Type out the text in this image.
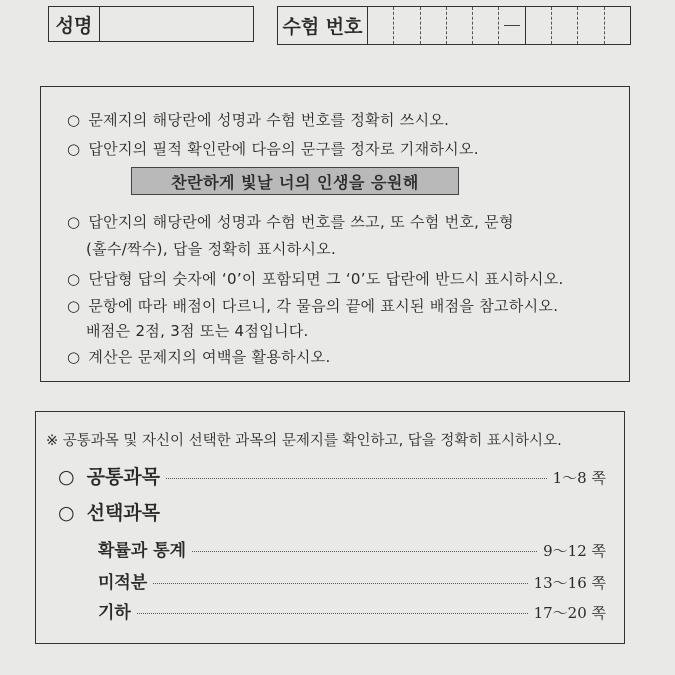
성명	수험 번호
○ 문제지의 해당란에 성명과 수험 번호를 정확히 쓰시오.
○ 답안지의 필적 확인란에 다음의 문구를 정자로 기재하시오.
찬란하게 빛날 너의 인생을 응원해
○ 답안지의 해당란에 성명과 수험 번호를 쓰고, 또 수험 번호, 문형
(홀수/짝수), 답을 정확히 표시하시오.
○ 단답형 답의 숫자에 ‘0’이 포함되면 그 ‘0’도 답란에 반드시 표시하시오.
○ 문항에 따라 배점이 다르니, 각 물음의 끝에 표시된 배점을 참고하시오.
배점은 2점, 3점 또는 4점입니다.
○ 계산은 문제지의 여백을 활용하시오.
※ 공통과목 및 자신이 선택한 과목의 문제지를 확인하고, 답을 정확히 표시하시오.
○ 공통과목	1～8 쪽
○ 선택과목
확률과 통계	9～12 쪽
미적분	13～16 쪽
기하	17～20 쪽
